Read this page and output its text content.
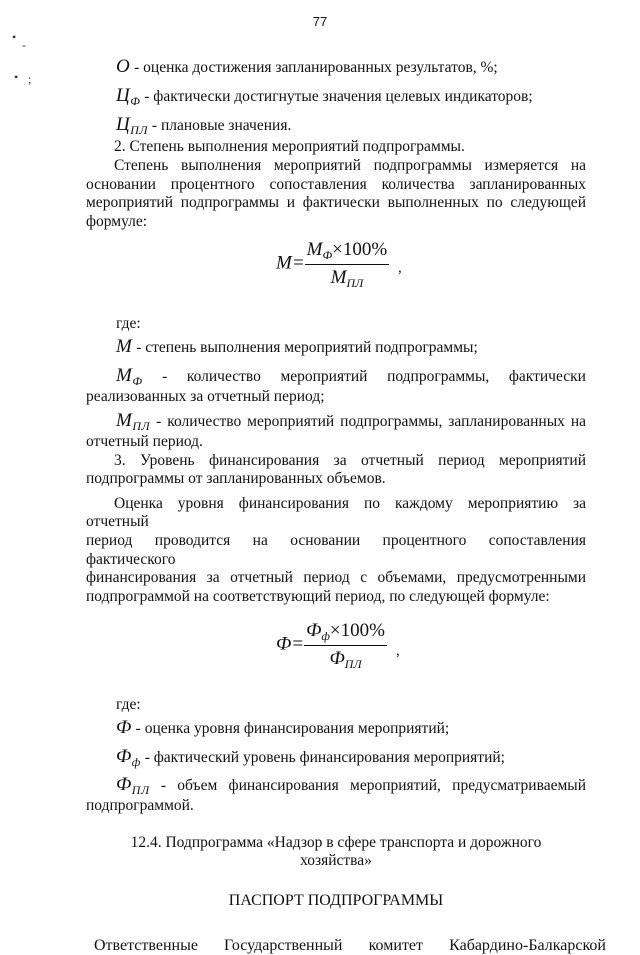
77
•
-
• ;

О - оценка достижения запланированных результатов, %;

$Ц_Ф$ - фактически достигнутые значения целевых индикаторов;

$Ц_{ПЛ}$ - плановые значения.

2. Степень выполнения мероприятий подпрограммы.

Степень выполнения мероприятий подпрограммы измеряется на

основании процентного сопоставления количества запланированных

мероприятий подпрограммы и фактически выполненных по следующей

формуле:

$М= \frac{М_Ф\times 100\%}{М_{ПЛ}}$ ,

где:

М - степень выполнения мероприятий подпрограммы;

$М_Ф$ - количество мероприятий подпрограммы, фактически

реализованных за отчетный период;

$М_{ПЛ}$ - количество мероприятий подпрограммы, запланированных на

отчетный период.

3. Уровень финансирования за отчетный период мероприятий

подпрограммы от запланированных объемов.

Оценка уровня финансирования по каждому мероприятию за отчетный

период проводится на основании процентного сопоставления фактического

финансирования за отчетный период с объемами, предусмотренными

подпрограммой на соответствующий период, по следующей формуле:

$Ф= \frac{Ф_ф\times 100\%}{Ф_{ПЛ}}$ ,

где:

Ф - оценка уровня финансирования мероприятий;

$Ф_ф$ - фактический уровень финансирования мероприятий;

$Ф_{ПЛ}$ - объем финансирования мероприятий, предусматриваемый

подпрограммой.

12.4. Подпрограмма «Надзор в сфере транспорта и дорожного
хозяйства»
ПАСПОРТ ПОДПРОГРАММЫ
Ответственные Государственный комитет Кабардино-Балкарской
